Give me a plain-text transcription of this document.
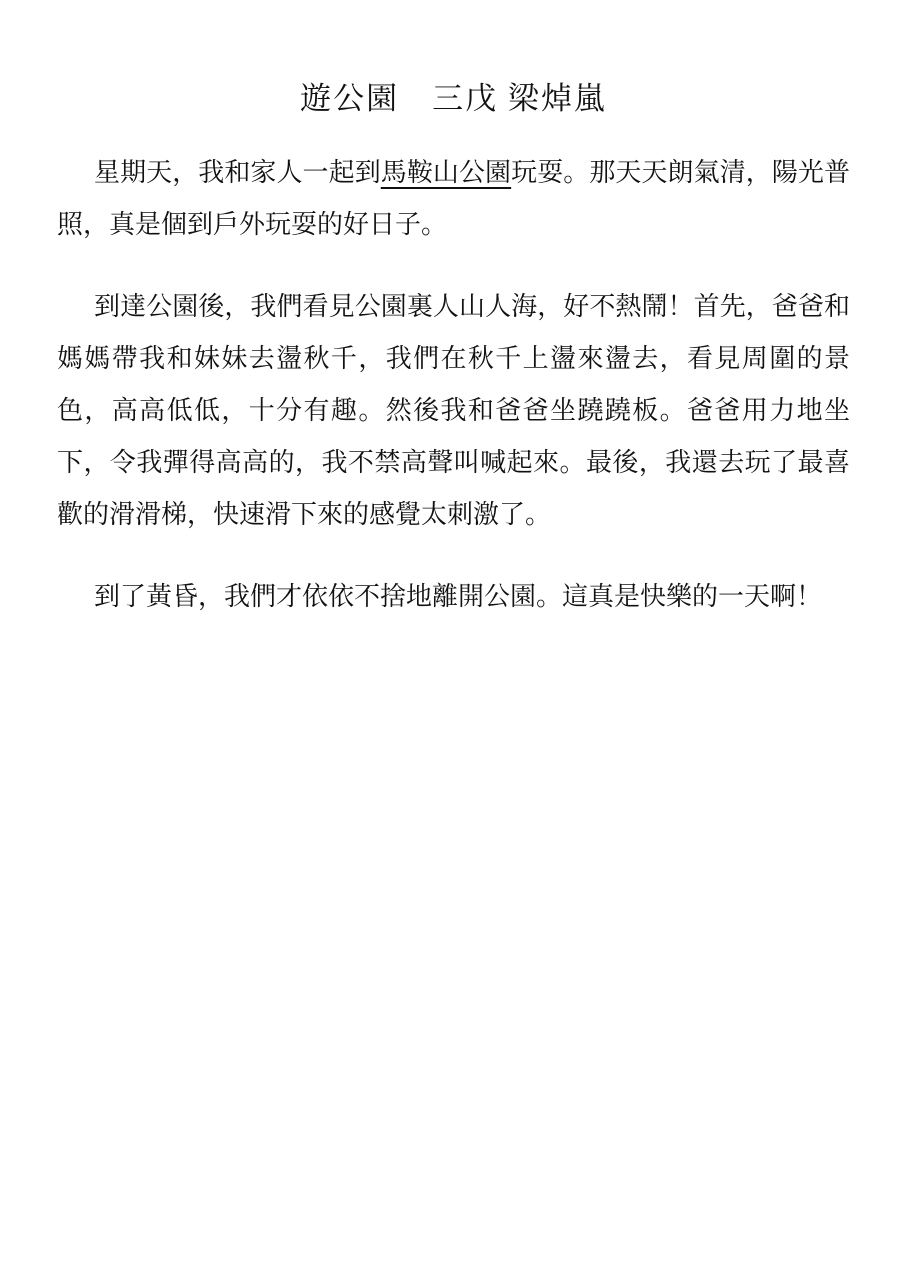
遊公園　三戊 梁焯嵐

星期天，我和家人一起到馬鞍山公園玩耍。那天天朗氣清，陽光普照，真是個到戶外玩耍的好日子。

到達公園後，我們看見公園裏人山人海，好不熱鬧！首先，爸爸和媽媽帶我和妹妹去盪秋千，我們在秋千上盪來盪去，看見周圍的景色，高高低低，十分有趣。然後我和爸爸坐蹺蹺板。爸爸用力地坐下，令我彈得高高的，我不禁高聲叫喊起來。最後，我還去玩了最喜歡的滑滑梯，快速滑下來的感覺太刺激了。

到了黃昏，我們才依依不捨地離開公園。這真是快樂的一天啊！
